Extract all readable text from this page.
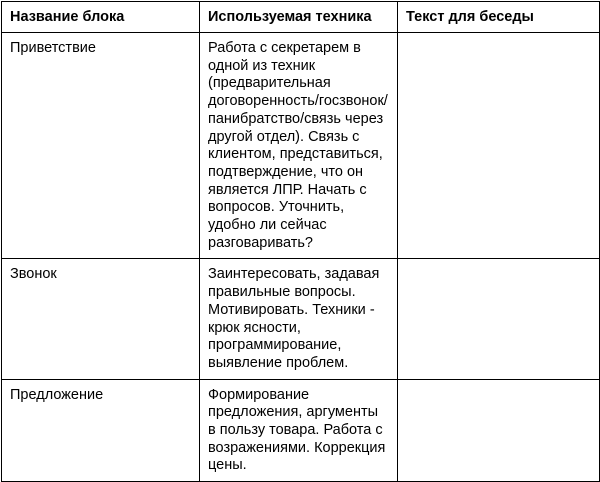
Название блока	Используемая техника	Текст для беседы

Приветствие	Работа с секретарем в одной из техник (предварительная договоренность/госзвонок/панибратство/связь через другой отдел). Связь с клиентом, представиться, подтверждение, что он является ЛПР. Начать с вопросов. Уточнить, удобно ли сейчас разговаривать?	

Звонок	Заинтересовать, задавая правильные вопросы. Мотивировать. Техники - крюк ясности, программирование, выявление проблем.	

Предложение	Формирование предложения, аргументы в пользу товара. Работа с возражениями. Коррекция цены.	
